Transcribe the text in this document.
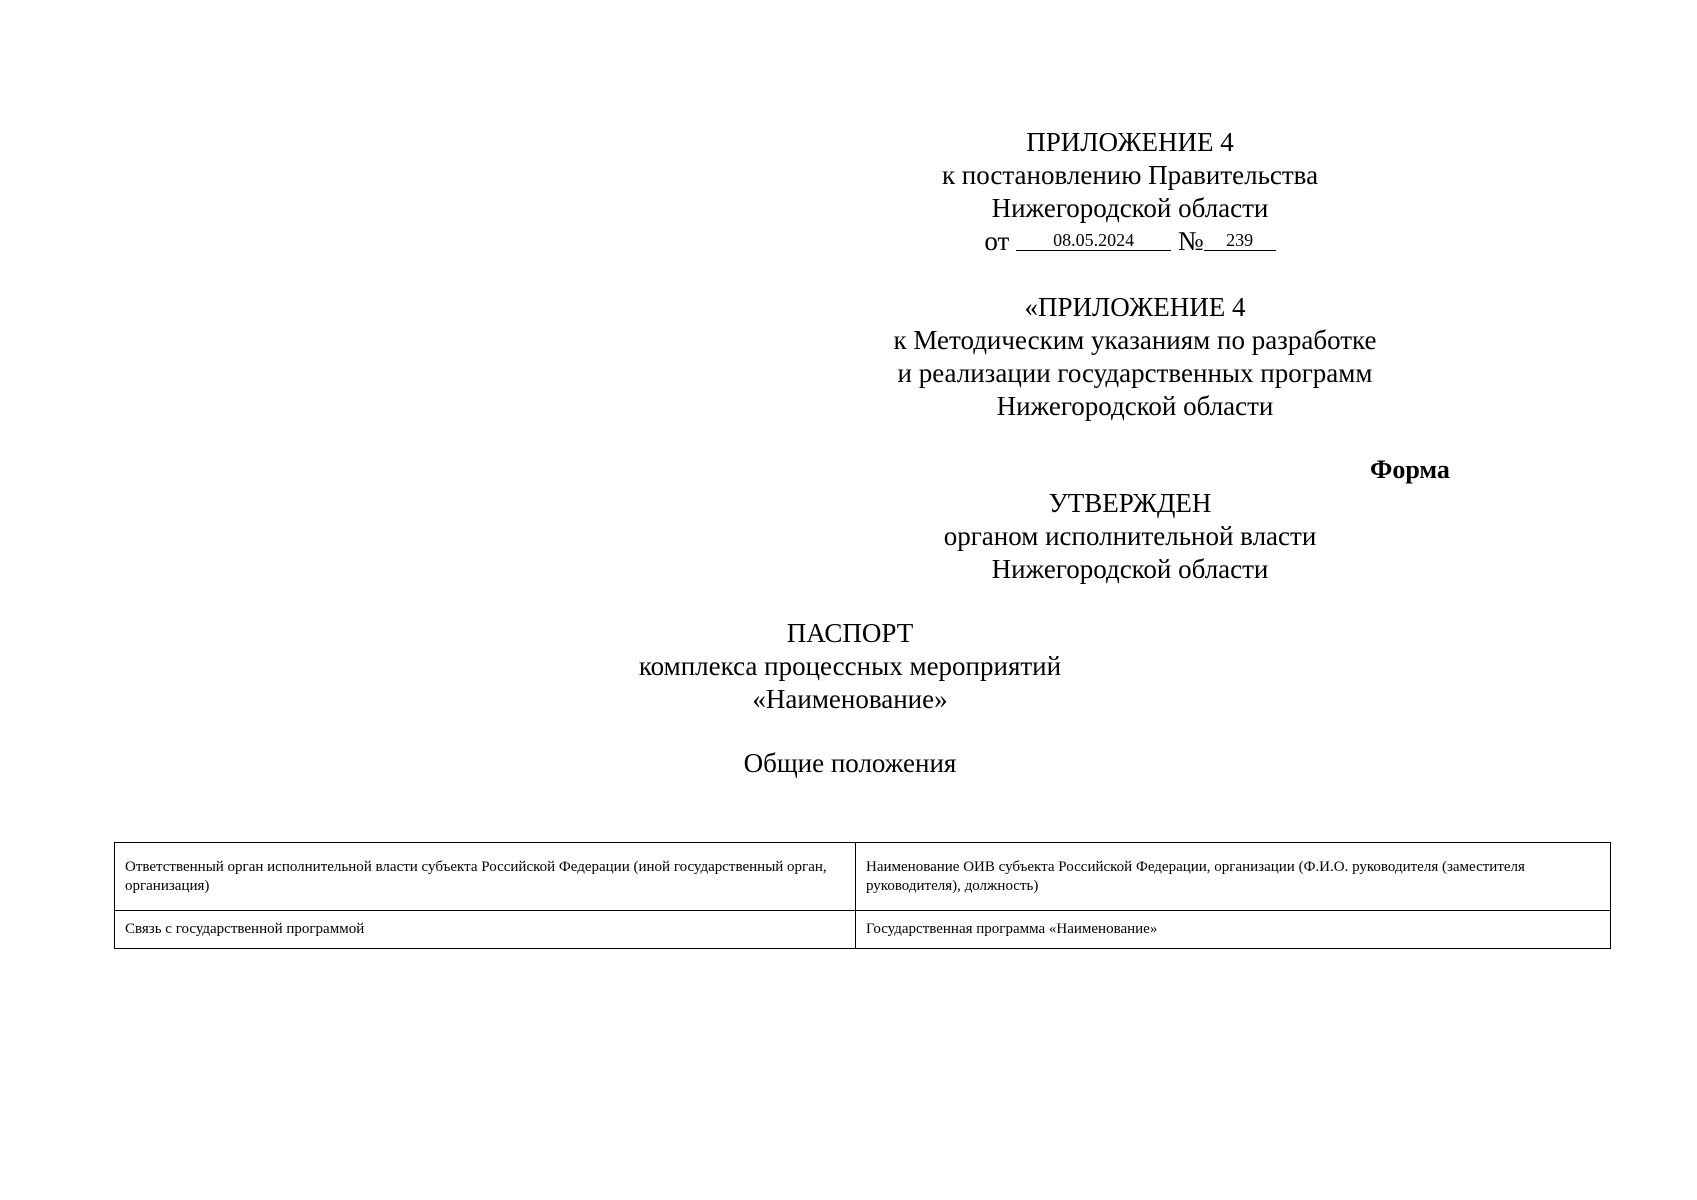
ПРИЛОЖЕНИЕ 4
к постановлению Правительства
Нижегородской области
от 08.05.2024 № 239
«ПРИЛОЖЕНИЕ 4
к Методическим указаниям по разработке
и реализации государственных программ
Нижегородской области
Форма
УТВЕРЖДЕН
органом исполнительной власти
Нижегородской области
ПАСПОРТ
комплекса процессных мероприятий
«Наименование»
Общие положения
Ответственный орган исполнительной власти субъекта Российской Федерации (иной государственный орган, организация)	Наименование ОИВ субъекта Российской Федерации, организации (Ф.И.О. руководителя (заместителя руководителя), должность)
Связь с государственной программой	Государственная программа «Наименование»
